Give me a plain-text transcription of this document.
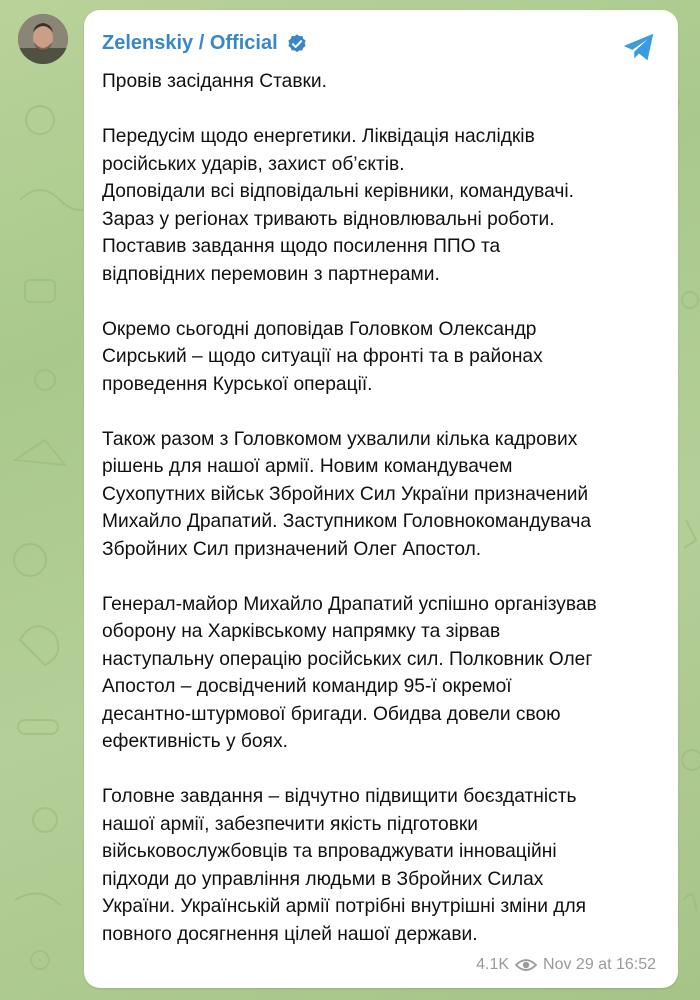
Zelenskiy / Official

Провів засідання Ставки.

Передусім щодо енергетики. Ліквідація наслідків
російських ударів, захист об’єктів.
Доповідали всі відповідальні керівники, командувачі.
Зараз у регіонах тривають відновлювальні роботи.
Поставив завдання щодо посилення ППО та
відповідних перемовин з партнерами.

Окремо сьогодні доповідав Головком Олександр
Сирський – щодо ситуації на фронті та в районах
проведення Курської операції.

Також разом з Головкомом ухвалили кілька кадрових
рішень для нашої армії. Новим командувачем
Сухопутних військ Збройних Сил України призначений
Михайло Драпатий. Заступником Головнокомандувача
Збройних Сил призначений Олег Апостол.

Генерал-майор Михайло Драпатий успішно організував
оборону на Харківському напрямку та зірвав
наступальну операцію російських сил. Полковник Олег
Апостол – досвідчений командир 95-ї окремої
десантно-штурмової бригади. Обидва довели свою
ефективність у боях.

Головне завдання – відчутно підвищити боєздатність
нашої армії, забезпечити якість підготовки
військовослужбовців та впроваджувати інноваційні
підходи до управління людьми в Збройних Силах
України. Українській армії потрібні внутрішні зміни для
повного досягнення цілей нашої держави.

4.1K Nov 29 at 16:52
